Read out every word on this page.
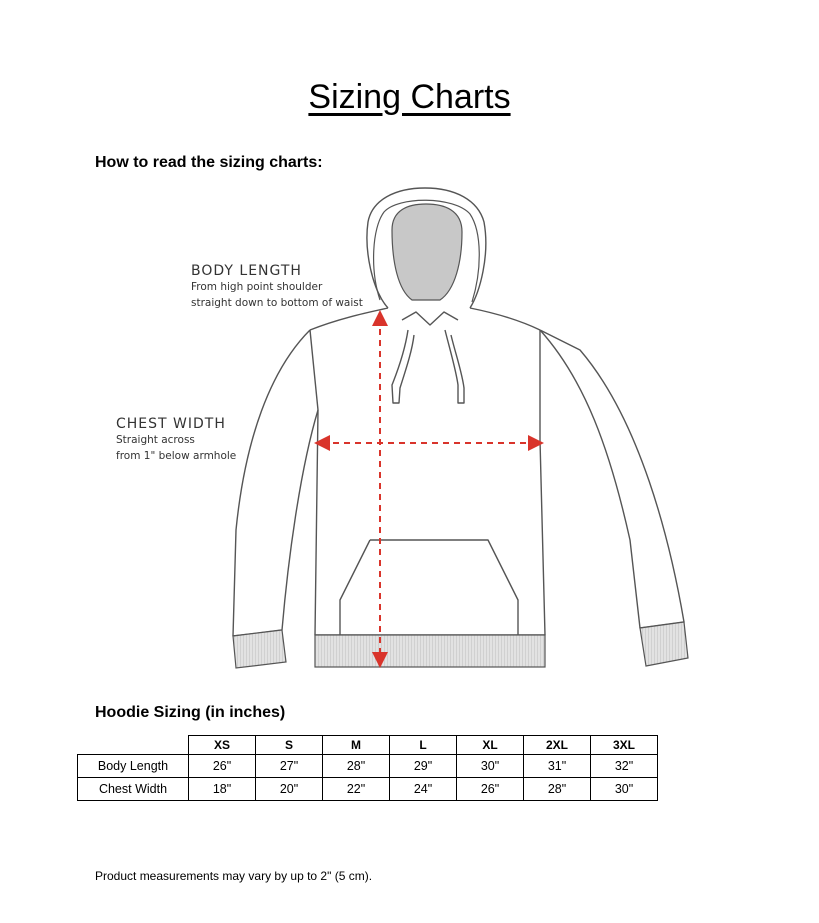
Sizing Charts
How to read the sizing charts:
BODY LENGTH
From high point shoulder
straight down to bottom of waist
CHEST WIDTH
Straight across
from 1" below armhole
Hoodie Sizing (in inches)
	XS	S	M	L	XL	2XL	3XL
Body Length	26"	27"	28"	29"	30"	31"	32"
Chest Width	18"	20"	22"	24"	26"	28"	30"
Product measurements may vary by up to 2" (5 cm).
